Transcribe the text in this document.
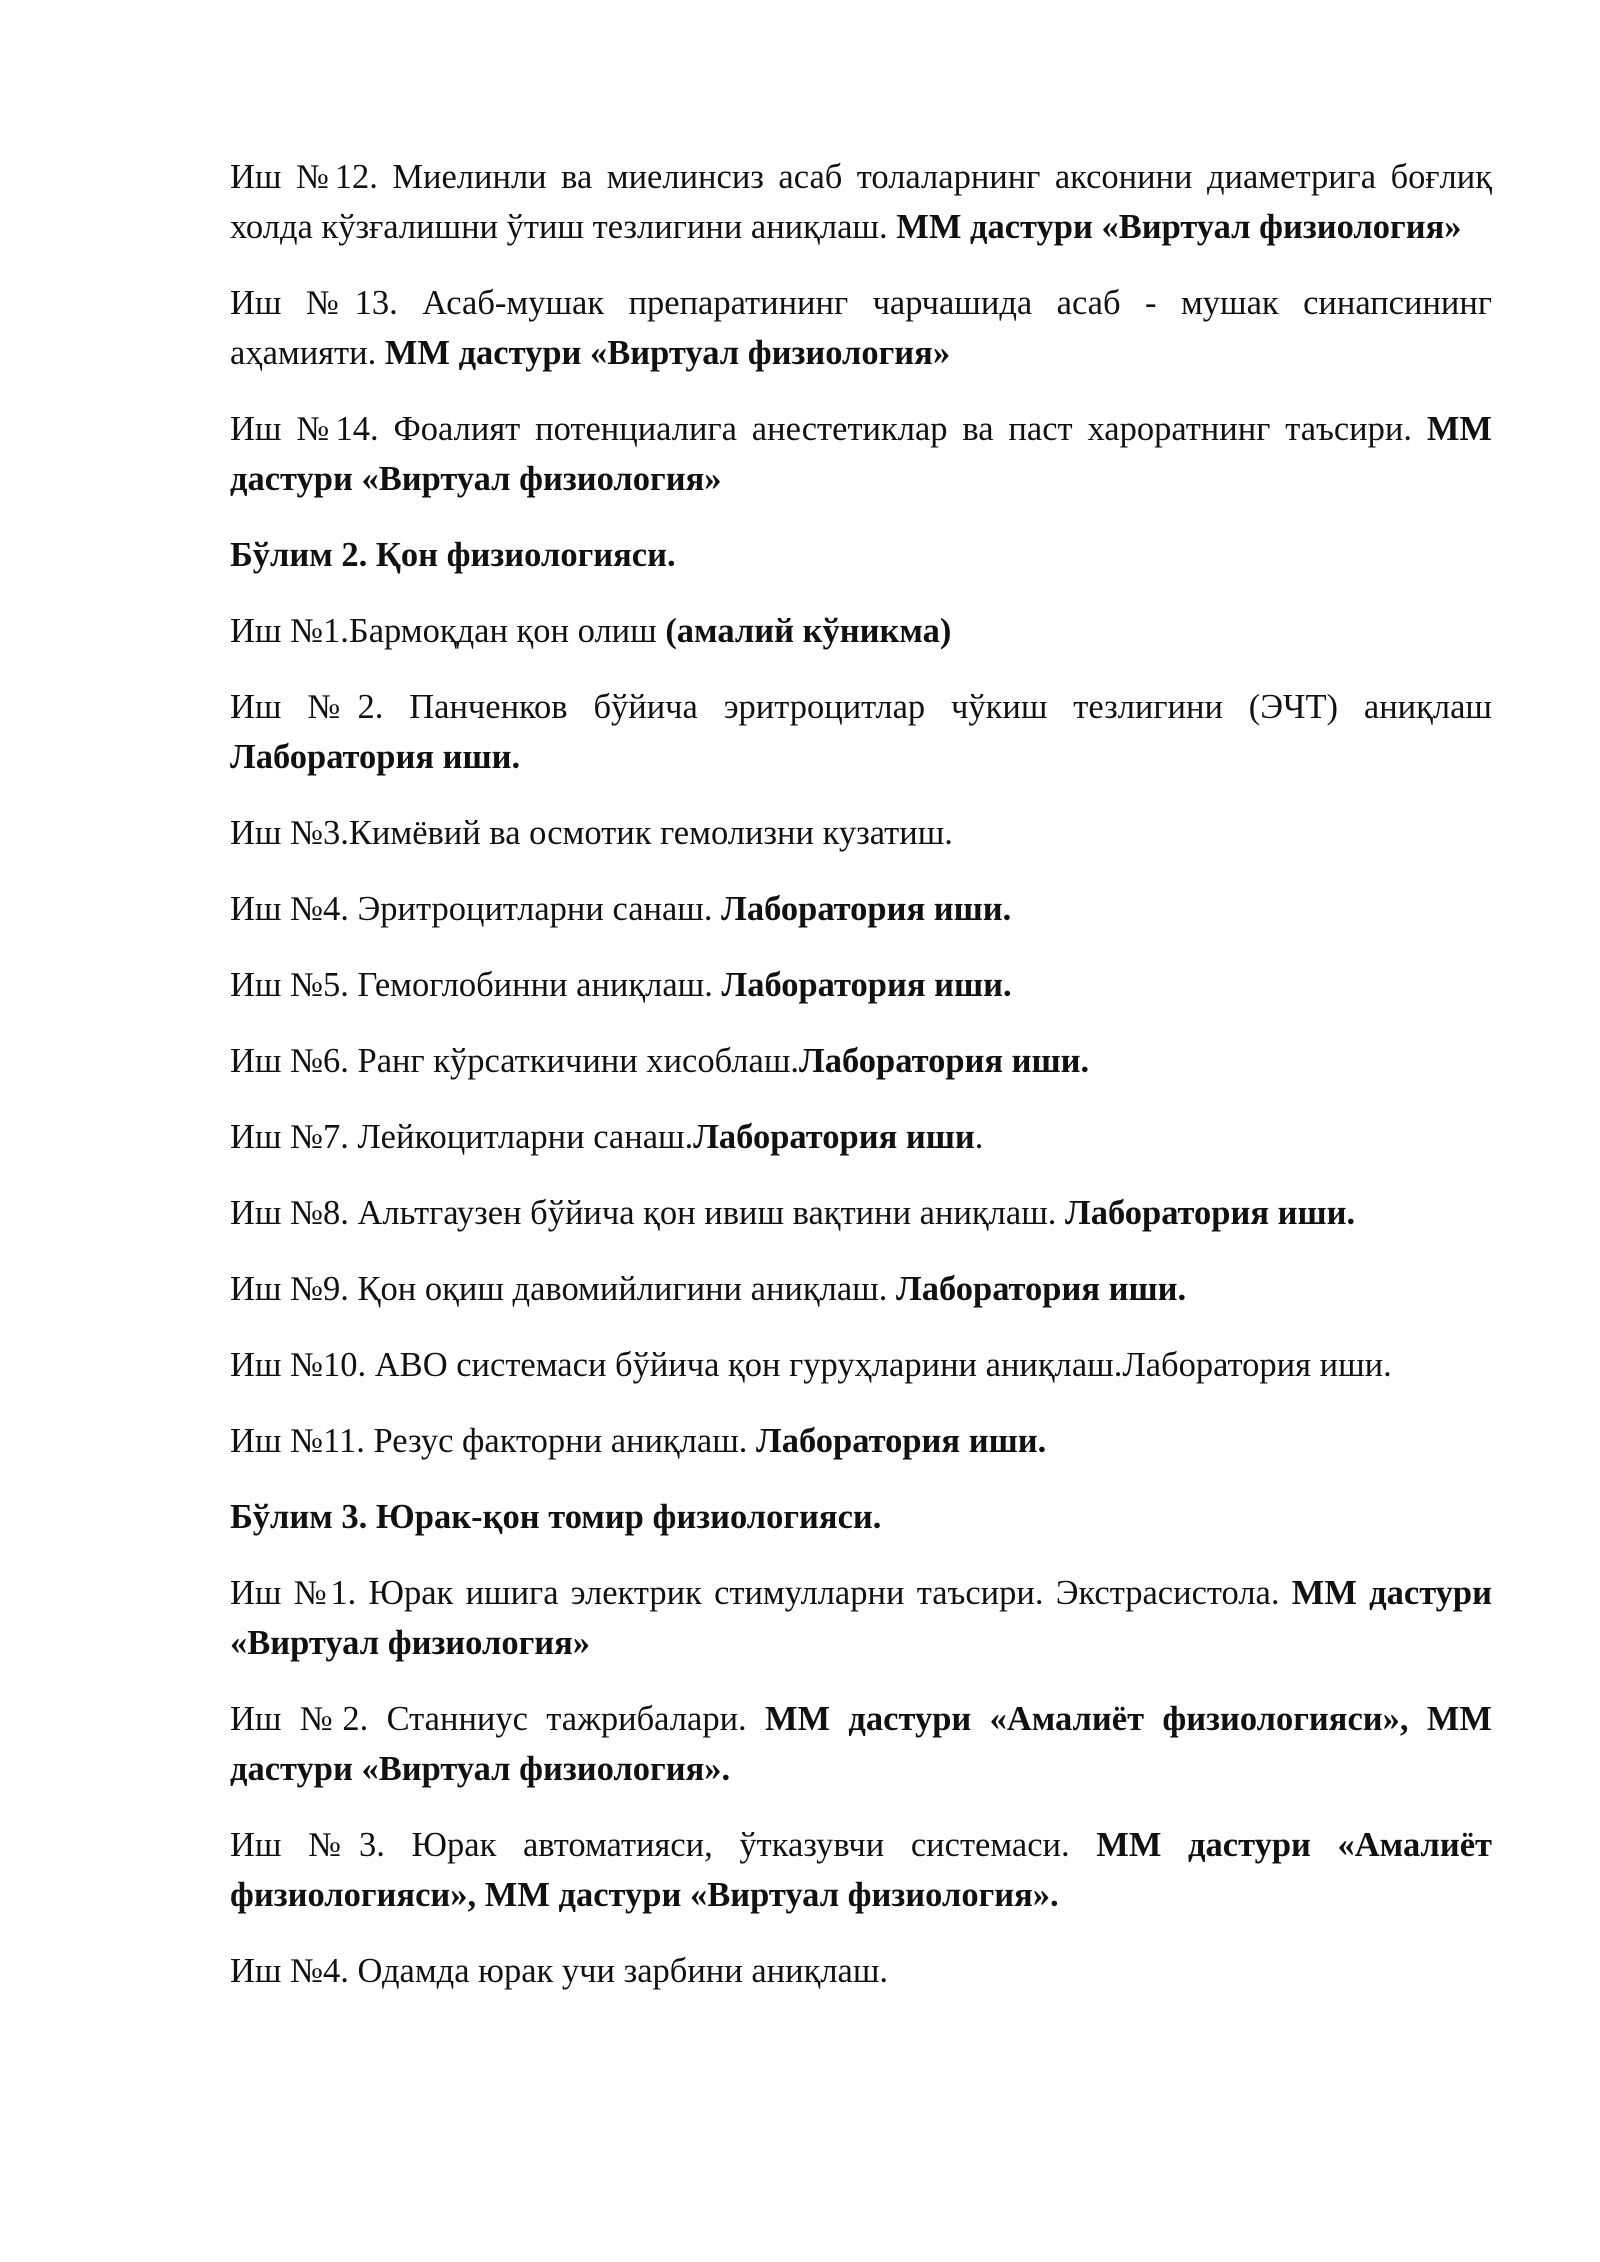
Иш №12. Миелинли ва миелинсиз асаб толаларнинг аксонини диаметрига боғлиқ холда кўзғалишни ўтиш тезлигини аниқлаш. ММ дастури «Виртуал физиология»

Иш №13. Асаб-мушак препаратининг чарчашида асаб - мушак синапсининг аҳамияти. ММ дастури «Виртуал физиология»

Иш №14. Фоалият потенциалига анестетиклар ва паст хароратнинг таъсири. ММ дастури «Виртуал физиология»

Бўлим 2. Қон физиологияси.

Иш №1.Бармоқдан қон олиш (амалий кўникма)

Иш №2. Панченков бўйича эритроцитлар чўкиш тезлигини (ЭЧТ) аниқлаш Лаборатория иши.

Иш №3.Кимёвий ва осмотик гемолизни кузатиш.

Иш №4. Эритроцитларни санаш. Лаборатория иши.

Иш №5. Гемоглобинни аниқлаш. Лаборатория иши.

Иш №6. Ранг кўрсаткичини хисоблаш.Лаборатория иши.

Иш №7. Лейкоцитларни санаш.Лаборатория иши.

Иш №8. Альтгаузен бўйича қон ивиш вақтини аниқлаш. Лаборатория иши.

Иш №9. Қон оқиш давомийлигини аниқлаш. Лаборатория иши.

Иш №10. АВО системаси бўйича қон гуруҳларини аниқлаш.Лаборатория иши.

Иш №11. Резус факторни аниқлаш. Лаборатория иши.

Бўлим 3. Юрак-қон томир физиологияси.

Иш №1. Юрак ишига электрик стимулларни таъсири. Экстрасистола. ММ дастури «Виртуал физиология»

Иш №2. Станниус тажрибалари. ММ дастури «Амалиёт физиологияси», ММ дастури «Виртуал физиология».

Иш №3. Юрак автоматияси, ўтказувчи системаси. ММ дастури «Амалиёт физиологияси», ММ дастури «Виртуал физиология».

Иш №4. Одамда юрак учи зарбини аниқлаш.
